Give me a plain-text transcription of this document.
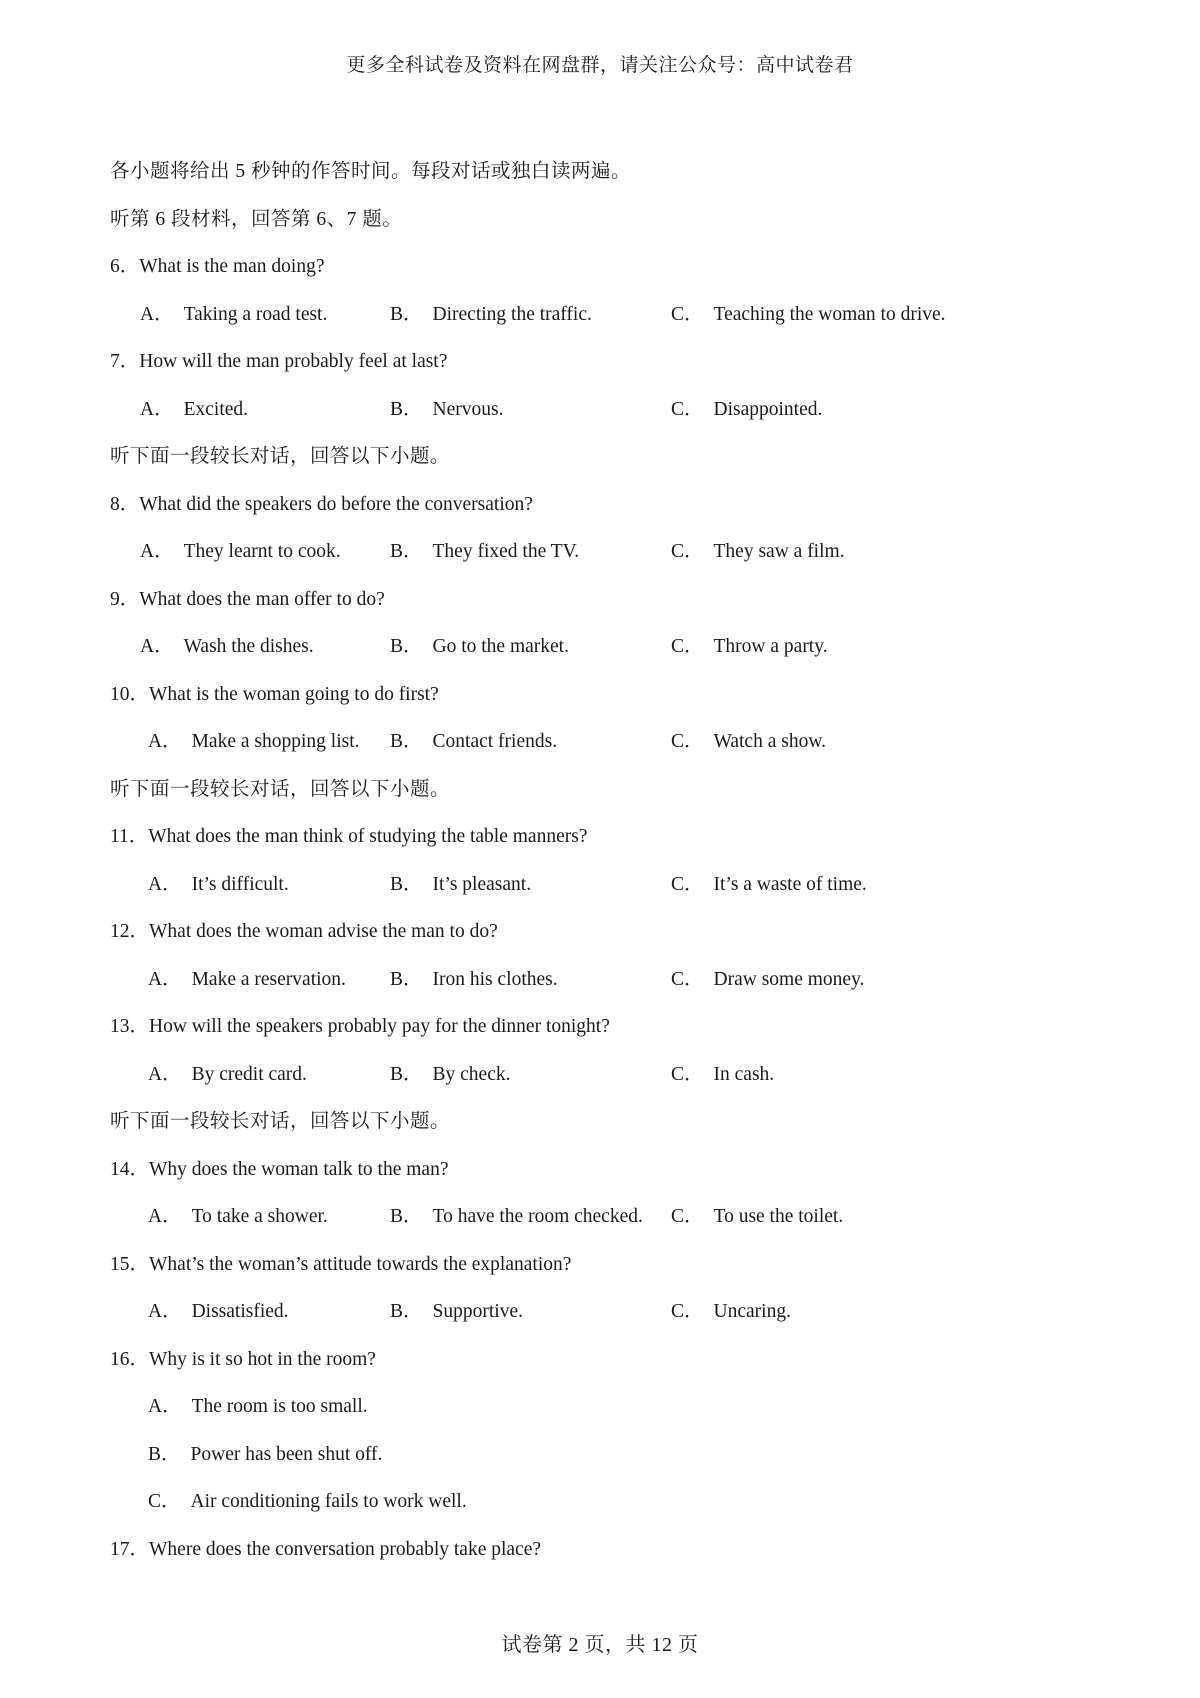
更多全科试卷及资料在网盘群，请关注公众号：高中试卷君
各小题将给出 5 秒钟的作答时间。每段对话或独白读两遍。
听第 6 段材料，回答第 6、7 题。
6．What is the man doing?
A． Taking a road test.	B． Directing the traffic.	C． Teaching the woman to drive.
7．How will the man probably feel at last?
A． Excited.	B． Nervous.	C． Disappointed.
听下面一段较长对话，回答以下小题。
8．What did the speakers do before the conversation?
A． They learnt to cook.	B． They fixed the TV.	C． They saw a film.
9．What does the man offer to do?
A． Wash the dishes.	B． Go to the market.	C． Throw a party.
10．What is the woman going to do first?
A． Make a shopping list. B． Contact friends.	C． Watch a show.
听下面一段较长对话，回答以下小题。
11．What does the man think of studying the table manners?
A． It’s difficult.	B． It’s pleasant.	C． It’s a waste of time.
12．What does the woman advise the man to do?
A． Make a reservation. B． Iron his clothes.	C． Draw some money.
13．How will the speakers probably pay for the dinner tonight?
A． By credit card.	B． By check.	C． In cash.
听下面一段较长对话，回答以下小题。
14．Why does the woman talk to the man?
A． To take a shower.	B． To have the room checked. C． To use the toilet.
15．What’s the woman’s attitude towards the explanation?
A． Dissatisfied.	B． Supportive.	C． Uncaring.
16．Why is it so hot in the room?
A． The room is too small.
B． Power has been shut off.
C． Air conditioning fails to work well.
17．Where does the conversation probably take place?
试卷第 2 页，共 12 页
